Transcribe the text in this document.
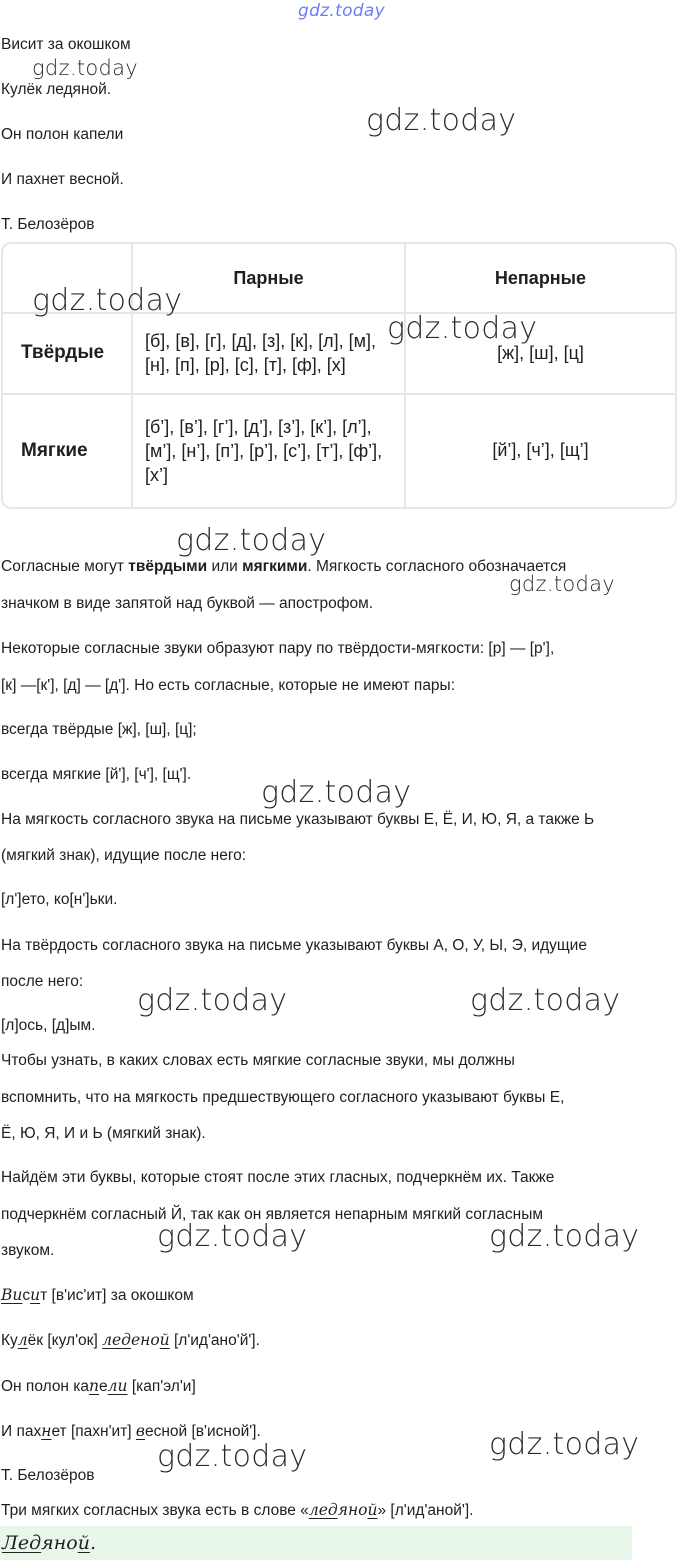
gdz.today
gdz.today
gdz.today
gdz.today
gdz.today
gdz.today
gdz.today
gdz.today
gdz.today	gdz.today
gdz.today	gdz.today
gdz.today
gdz.today
Висит за окошком
Кулёк ледяной.
Он полон капели
И пахнет весной.
Т. Белозёров
	Парные	Непарные
Твёрдые	[б], [в], [г], [д], [з], [к], [л], [м], [н], [п], [р], [с], [т], [ф], [х]	[ж], [ш], [ц]
Мягкие	[б’], [в’], [г’], [д’], [з’], [к’], [л’], [м’], [н’], [п’], [р’], [с’], [т’], [ф’], [х’]	[й’], [ч’], [щ’]
Согласные могут твёрдыми или мягкими. Мягкость согласного обозначается
значком в виде запятой над буквой — апострофом.
Некоторые согласные звуки образуют пару по твёрдости-мягкости: [р] — [р'],
[к] —[к'], [д] — [д']. Но есть согласные, которые не имеют пары:
всегда твёрдые [ж], [ш], [ц];
всегда мягкие [й'], [ч'], [щ'].
На мягкость согласного звука на письме указывают буквы Е, Ё, И, Ю, Я, а также Ь
(мягкий знак), идущие после него:
[л']ето, ко[н']ьки.
На твёрдость согласного звука на письме указывают буквы А, О, У, Ы, Э, идущие
после него:
[л]ось, [д]ым.
Чтобы узнать, в каких словах есть мягкие согласные звуки, мы должны
вспомнить, что на мягкость предшествующего согласного указывают буквы Е,
Ё, Ю, Я, И и Ь (мягкий знак).
Найдём эти буквы, которые стоят после этих гласных, подчеркнём их. Также
подчеркнём согласный Й, так как он является непарным мягкий согласным
звуком.
Висит [в'ис'ит] за окошком
Кулёк [кул'ок] леденой [л'ид'ано'й'].
Он полон капели [кап'эл'и]
И пахнет [пахн'ит] весной [в'исной'].
Т. Белозёров
Три мягких согласных звука есть в слове «ледяной» [л'ид'аной'].
Ледяной.
